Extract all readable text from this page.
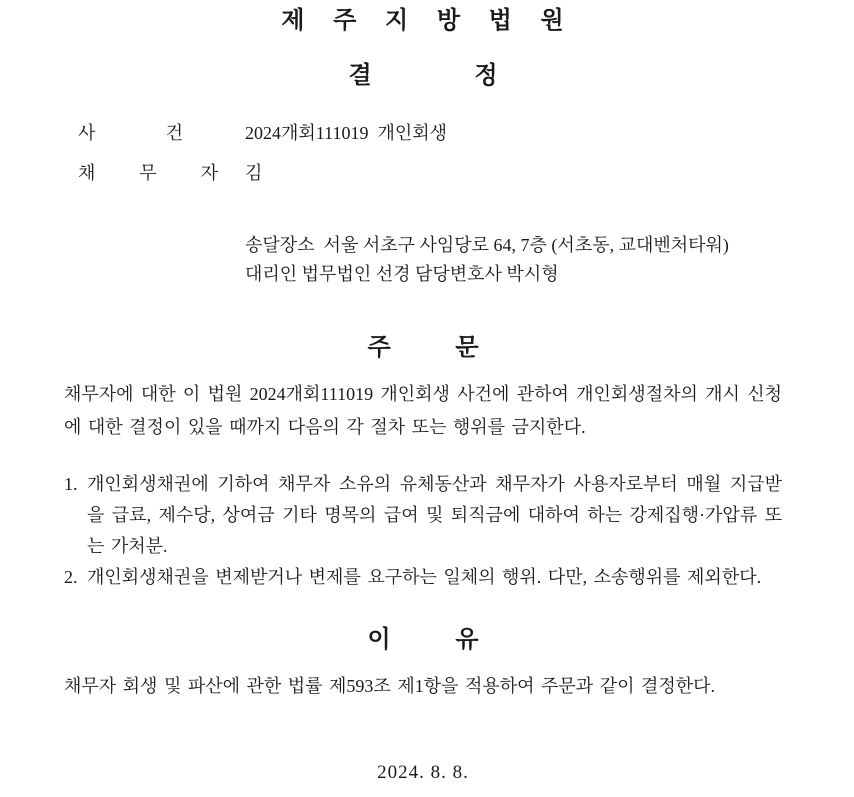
제 주 지 방 법 원
결 정
사 건	2024개회111019  개인회생
채 무 자	김
송달장소  서울 서초구 사임당로 64, 7층 (서초동, 교대벤처타워)
대리인 법무법인 선경 담당변호사 박시형
주 문

채무자에 대한 이 법원 2024개회111019 개인회생 사건에 관하여 개인회생절차의 개시 신청에 대한 결정이 있을 때까지 다음의 각 절차 또는 행위를 금지한다.

1. 개인회생채권에 기하여 채무자 소유의 유체동산과 채무자가 사용자로부터 매월 지급받을 급료, 제수당, 상여금 기타 명목의 급여 및 퇴직금에 대하여 하는 강제집행·가압류 또는 가처분.
2. 개인회생채권을 변제받거나 변제를 요구하는 일체의 행위. 다만, 소송행위를 제외한다.
이 유

채무자 회생 및 파산에 관한 법률 제593조 제1항을 적용하여 주문과 같이 결정한다.

2024. 8. 8.
